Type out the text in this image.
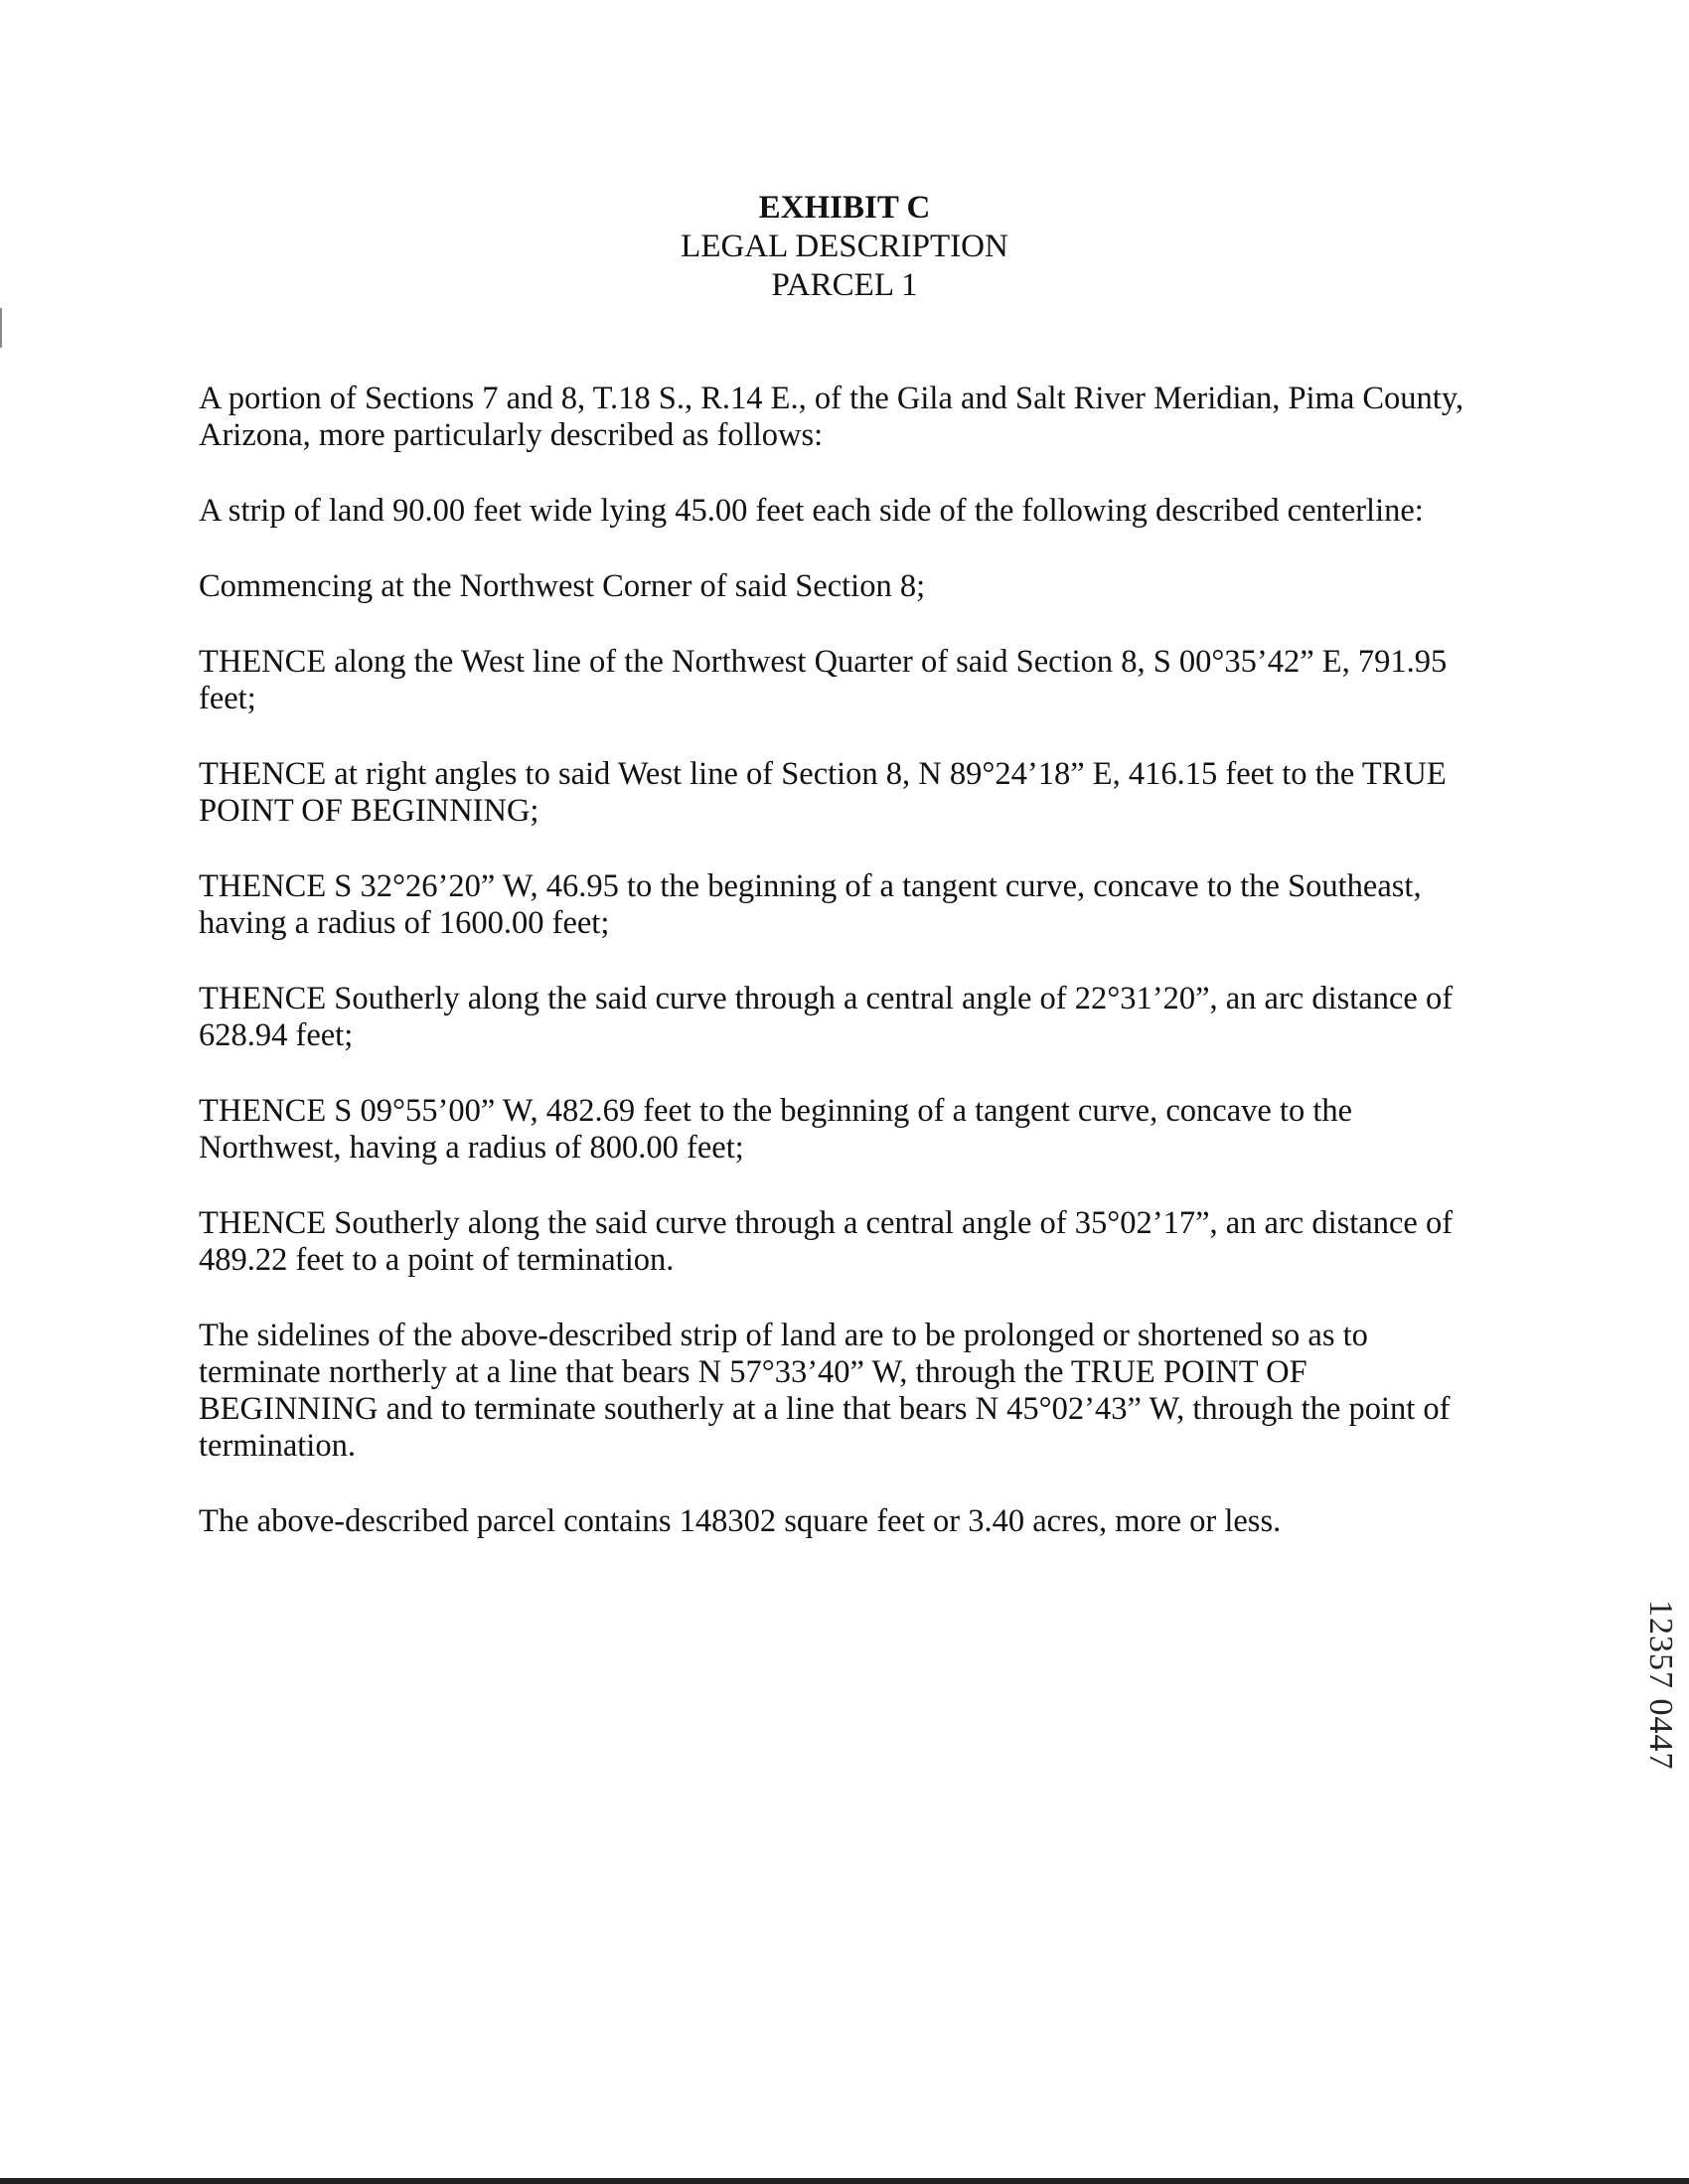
EXHIBIT C
LEGAL DESCRIPTION
PARCEL 1

A portion of Sections 7 and 8, T.18 S., R.14 E., of the Gila and Salt River Meridian, Pima County, Arizona, more particularly described as follows:

A strip of land 90.00 feet wide lying 45.00 feet each side of the following described centerline:

Commencing at the Northwest Corner of said Section 8;

THENCE along the West line of the Northwest Quarter of said Section 8, S 00°35’42” E, 791.95 feet;

THENCE at right angles to said West line of Section 8, N 89°24’18” E, 416.15 feet to the TRUE POINT OF BEGINNING;

THENCE S 32°26’20” W, 46.95 to the beginning of a tangent curve, concave to the Southeast, having a radius of 1600.00 feet;

THENCE Southerly along the said curve through a central angle of 22°31’20”, an arc distance of 628.94 feet;

THENCE S 09°55’00” W, 482.69 feet to the beginning of a tangent curve, concave to the Northwest, having a radius of 800.00 feet;

THENCE Southerly along the said curve through a central angle of 35°02’17”, an arc distance of 489.22 feet to a point of termination.

The sidelines of the above-described strip of land are to be prolonged or shortened so as to terminate northerly at a line that bears N 57°33’40” W, through the TRUE POINT OF BEGINNING and to terminate southerly at a line that bears N 45°02’43” W, through the point of termination.

The above-described parcel contains 148302 square feet or 3.40 acres, more or less.

12357 0447
